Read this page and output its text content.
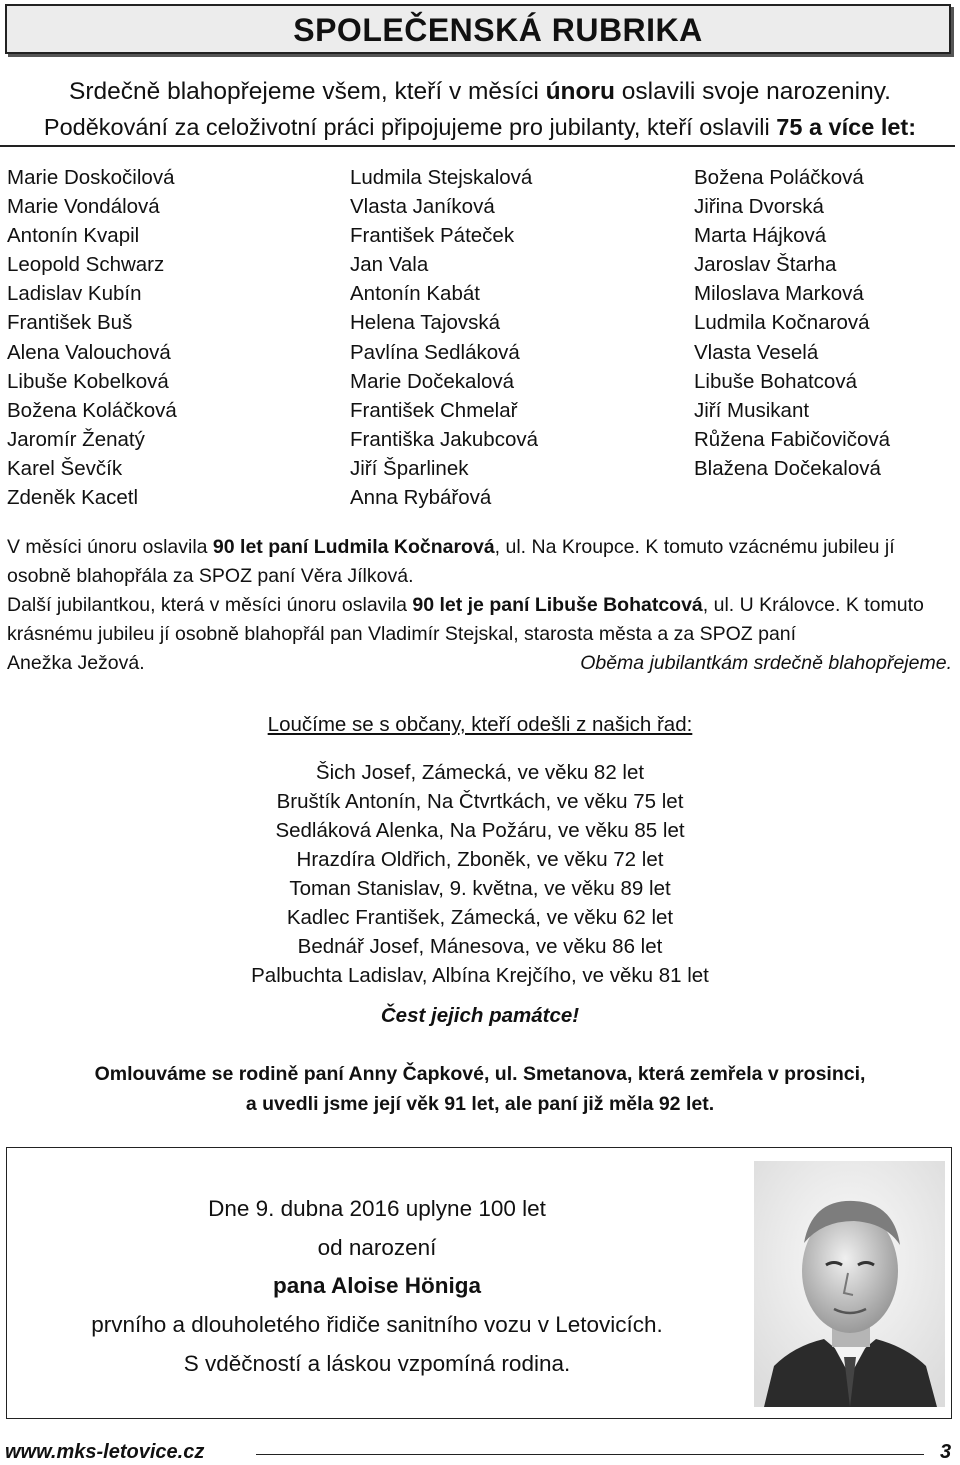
SPOLEČENSKÁ RUBRIKA
Srdečně blahopřejeme všem, kteří v měsíci únoru oslavili svoje narozeniny.
Poděkování za celoživotní práci připojujeme pro jubilanty, kteří oslavili 75 a více let:
Marie Doskočilová
Marie Vondálová
Antonín Kvapil
Leopold Schwarz
Ladislav Kubín
František Buš
Alena Valouchová
Libuše Kobelková
Božena Koláčková
Jaromír Ženatý
Karel Ševčík
Zdeněk Kacetl
Ludmila Stejskalová
Vlasta Janíková
František Páteček
Jan Vala
Antonín Kabát
Helena Tajovská
Pavlína Sedláková
Marie Dočekalová
František Chmelař
Františka Jakubcová
Jiří Šparlinek
Anna Rybářová
Božena Poláčková
Jiřina Dvorská
Marta Hájková
Jaroslav Štarha
Miloslava Marková
Ludmila Kočnarová
Vlasta Veselá
Libuše Bohatcová
Jiří Musikant
Růžena Fabičovičová
Blažena Dočekalová
V měsíci únoru oslavila 90 let paní Ludmila Kočnarová, ul. Na Kroupce. K tomuto vzácnému jubileu jí osobně blahopřála za SPOZ paní Věra Jílková.
Další jubilantkou, která v měsíci únoru oslavila 90 let je paní Libuše Bohatcová, ul. U Královce. K tomuto krásnému jubileu jí osobně blahopřál pan Vladimír Stejskal, starosta města a za SPOZ paní
Anežka Ježová.	Oběma jubilantkám srdečně blahopřejeme.
Loučíme se s občany, kteří odešli z našich řad:
Šich Josef, Zámecká, ve věku 82 let
Bruštík Antonín, Na Čtvrtkách, ve věku 75 let
Sedláková Alenka, Na Požáru, ve věku 85 let
Hrazdíra Oldřich, Zboněk, ve věku 72 let
Toman Stanislav, 9. května, ve věku 89 let
Kadlec František, Zámecká, ve věku 62 let
Bednář Josef, Mánesova, ve věku 86 let
Palbuchta Ladislav, Albína Krejčího, ve věku 81 let
Čest jejich památce!
Omlouváme se rodině paní Anny Čapkové, ul. Smetanova, která zemřela v prosinci,
a uvedli jsme její věk 91 let, ale paní již měla 92 let.
Dne 9. dubna 2016 uplyne 100 let
od narození
pana Aloise Höniga
prvního a dlouholetého řidiče sanitního vozu v Letovicích.
S vděčností a láskou vzpomíná rodina.
www.mks-letovice.cz	3
